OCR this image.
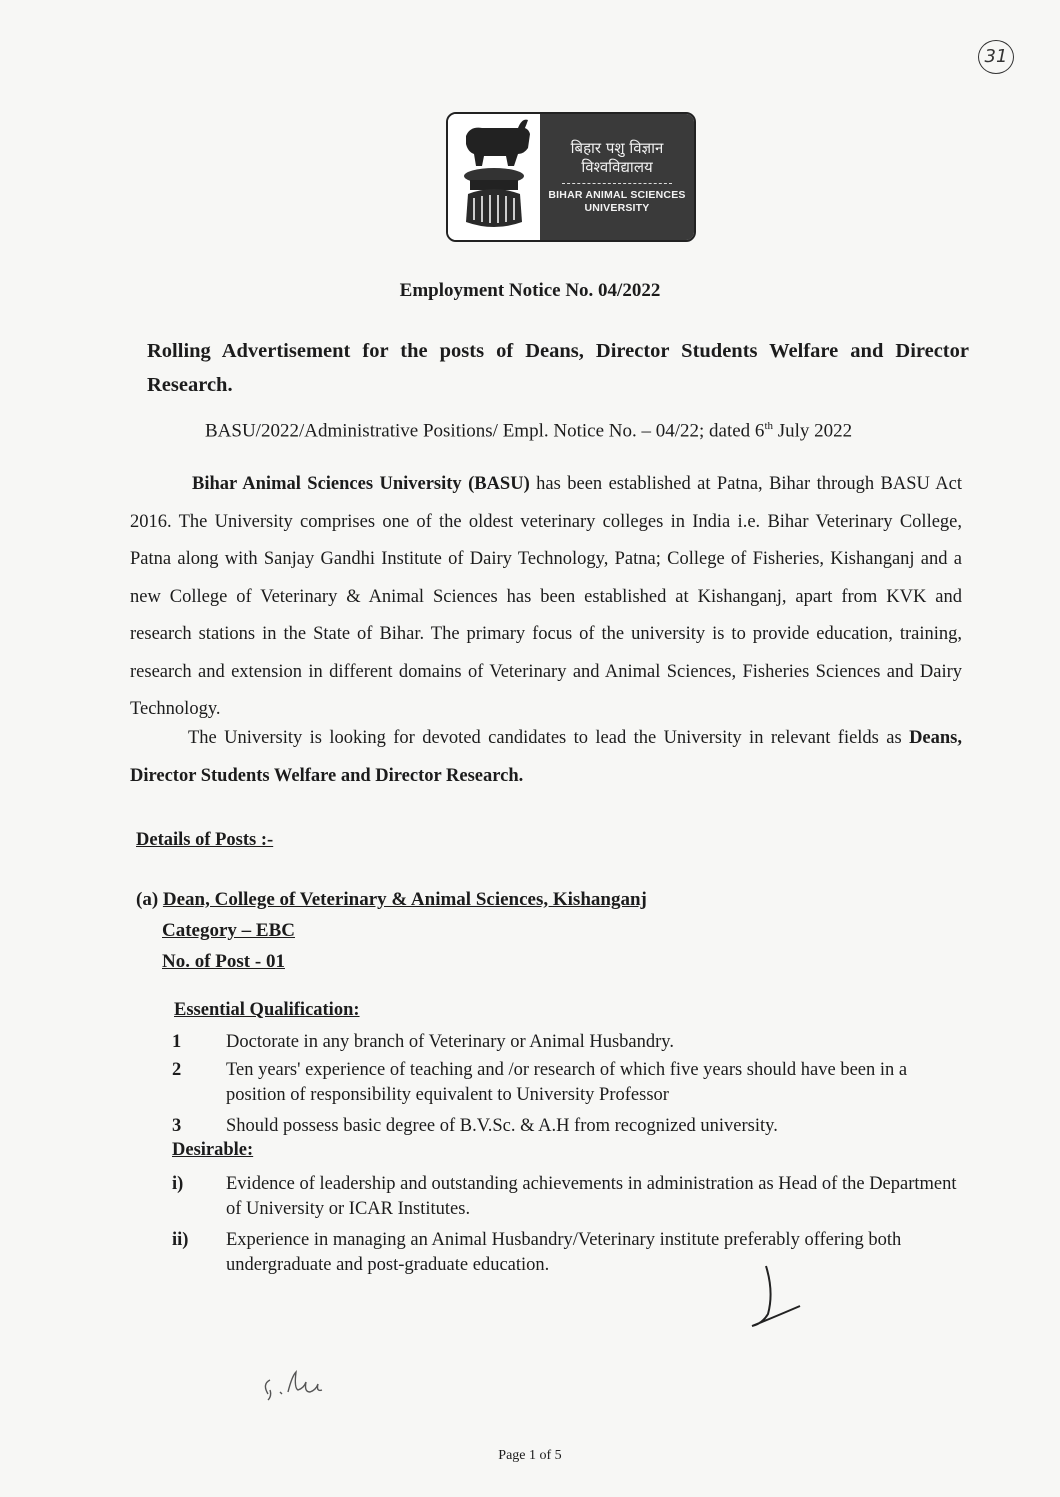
31
बिहार पशु विज्ञान
विश्वविद्यालय
BIHAR ANIMAL SCIENCES
UNIVERSITY
Employment Notice No. 04/2022
Rolling Advertisement for the posts of Deans, Director Students Welfare and Director Research.
BASU/2022/Administrative Positions/ Empl. Notice No. – 04/22; dated 6th July 2022
Bihar Animal Sciences University (BASU) has been established at Patna, Bihar through BASU Act 2016. The University comprises one of the oldest veterinary colleges in India i.e. Bihar Veterinary College, Patna along with Sanjay Gandhi Institute of Dairy Technology, Patna; College of Fisheries, Kishanganj and a new College of Veterinary & Animal Sciences has been established at Kishanganj, apart from KVK and research stations in the State of Bihar. The primary focus of the university is to provide education, training, research and extension in different domains of Veterinary and Animal Sciences, Fisheries Sciences and Dairy Technology.
The University is looking for devoted candidates to lead the University in relevant fields as Deans, Director Students Welfare and Director Research.
Details of Posts :-
(a) Dean, College of Veterinary & Animal Sciences, Kishanganj
Category – EBC
No. of Post - 01
Essential Qualification:
1	Doctorate in any branch of Veterinary or Animal Husbandry.
2	Ten years' experience of teaching and /or research of which five years should have been in a position of responsibility equivalent to University Professor
3	Should possess basic degree of B.V.Sc. & A.H from recognized university.
Desirable:
i)	Evidence of leadership and outstanding achievements in administration as Head of the Department of University or ICAR Institutes.
ii)	Experience in managing an Animal Husbandry/Veterinary institute preferably offering both undergraduate and post-graduate education.
Page 1 of 5
